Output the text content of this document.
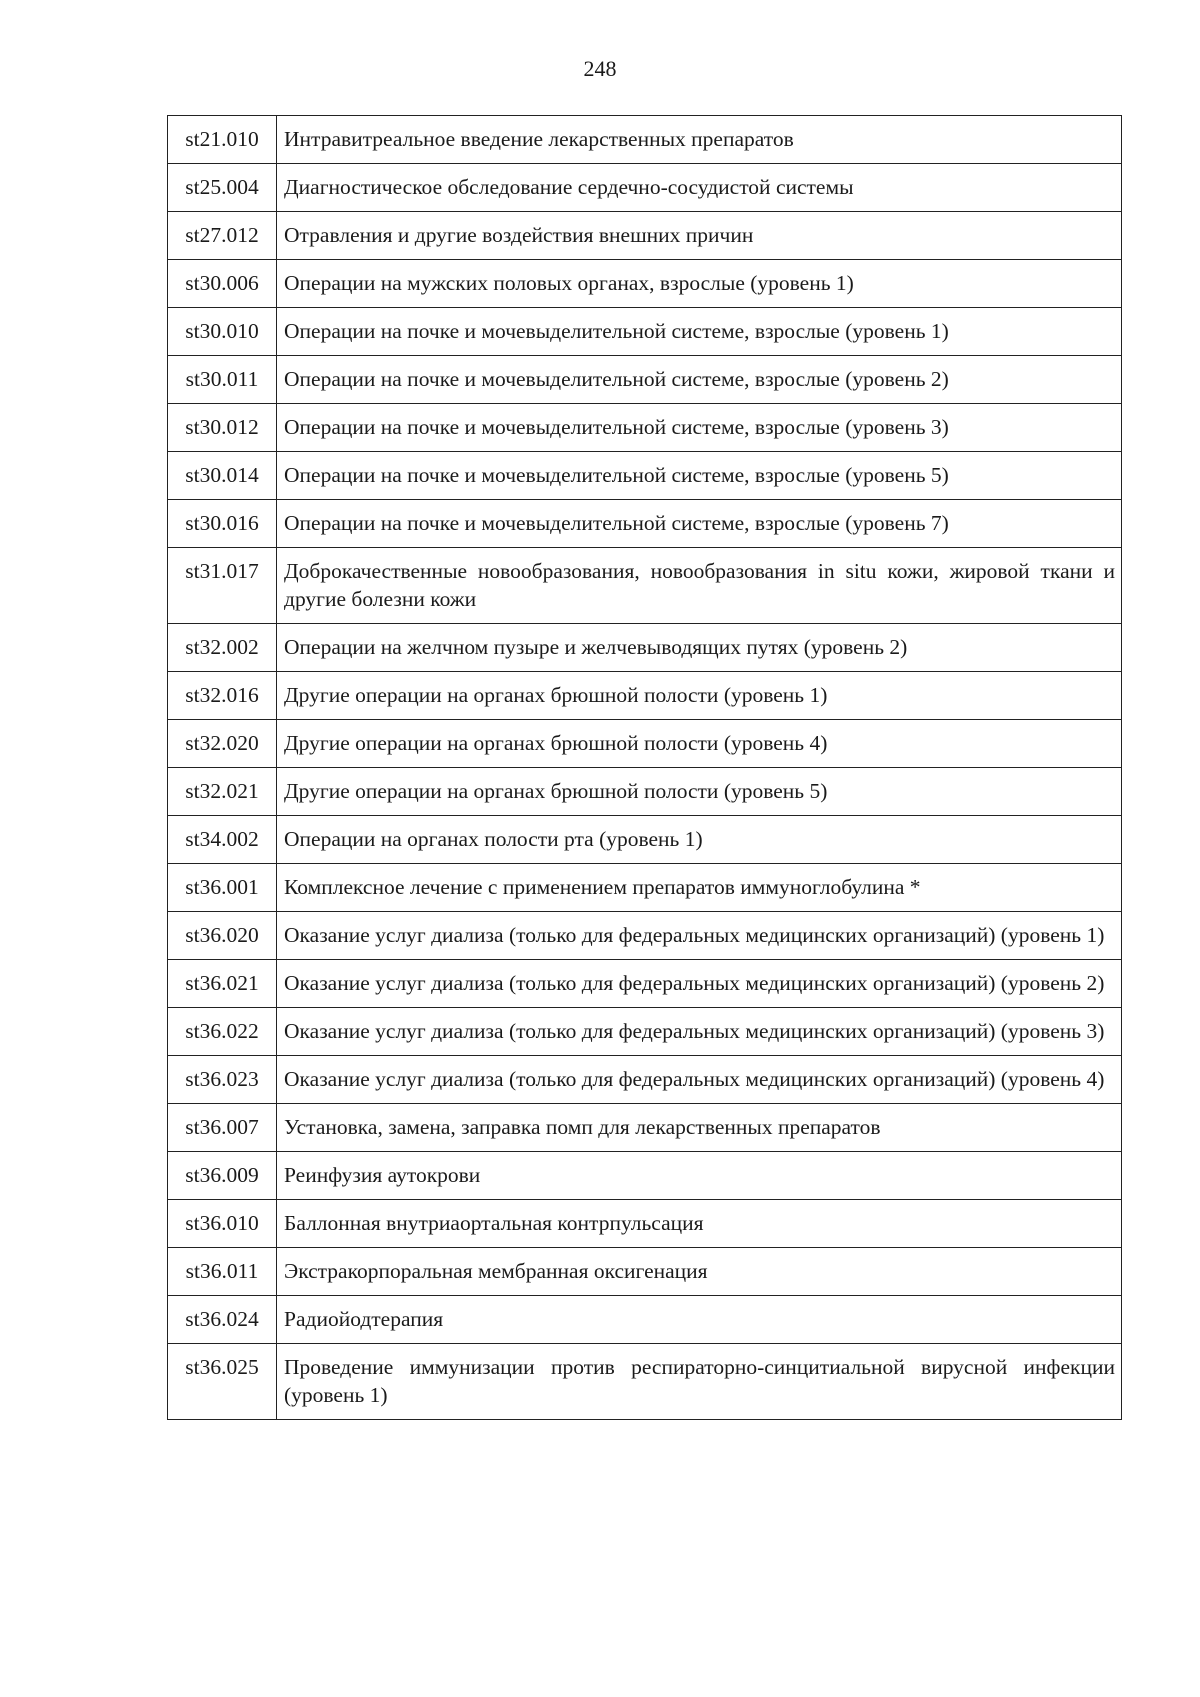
248
st21.010	Интравитреальное введение лекарственных препаратов
st25.004	Диагностическое обследование сердечно-сосудистой системы
st27.012	Отравления и другие воздействия внешних причин
st30.006	Операции на мужских половых органах, взрослые (уровень 1)
st30.010	Операции на почке и мочевыделительной системе, взрослые (уровень 1)
st30.011	Операции на почке и мочевыделительной системе, взрослые (уровень 2)
st30.012	Операции на почке и мочевыделительной системе, взрослые (уровень 3)
st30.014	Операции на почке и мочевыделительной системе, взрослые (уровень 5)
st30.016	Операции на почке и мочевыделительной системе, взрослые (уровень 7)
st31.017	Доброкачественные новообразования, новообразования in situ кожи, жировой ткани и другие болезни кожи
st32.002	Операции на желчном пузыре и желчевыводящих путях (уровень 2)
st32.016	Другие операции на органах брюшной полости (уровень 1)
st32.020	Другие операции на органах брюшной полости (уровень 4)
st32.021	Другие операции на органах брюшной полости (уровень 5)
st34.002	Операции на органах полости рта (уровень 1)
st36.001	Комплексное лечение с применением препаратов иммуноглобулина *
st36.020	Оказание услуг диализа (только для федеральных медицинских организаций) (уровень 1)
st36.021	Оказание услуг диализа (только для федеральных медицинских организаций) (уровень 2)
st36.022	Оказание услуг диализа (только для федеральных медицинских организаций) (уровень 3)
st36.023	Оказание услуг диализа (только для федеральных медицинских организаций) (уровень 4)
st36.007	Установка, замена, заправка помп для лекарственных препаратов
st36.009	Реинфузия аутокрови
st36.010	Баллонная внутриаортальная контрпульсация
st36.011	Экстракорпоральная мембранная оксигенация
st36.024	Радиойодтерапия
st36.025	Проведение иммунизации против респираторно-синцитиальной вирусной инфекции (уровень 1)
